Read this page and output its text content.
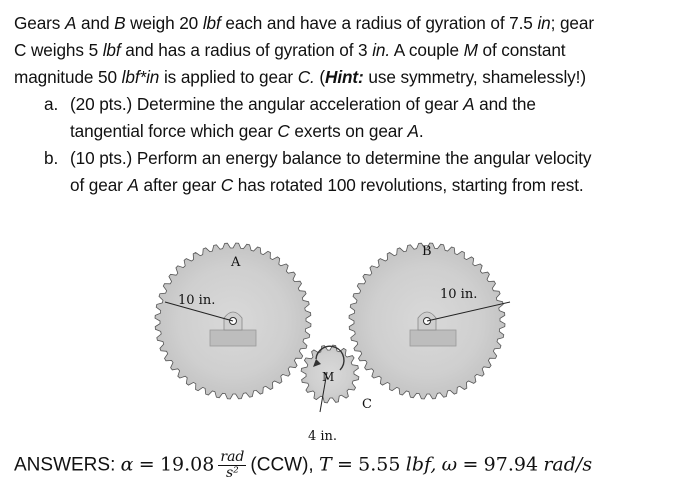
Gears A and B weigh 20 lbf each and have a radius of gyration of 7.5 in; gear

C weighs 5 lbf and has a radius of gyration of 3 in. A couple M of constant

magnitude 50 lbf*in is applied to gear C. (Hint: use symmetry, shamelessly!)

a. (20 pts.) Determine the angular acceleration of gear A and the

tangential force which gear C exerts on gear A.

b. (10 pts.) Perform an energy balance to determine the angular velocity

of gear A after gear C has rotated 100 revolutions, starting from rest.

A
B
C
M
10 in.	10 in.
4 in.
ANSWERS: $\alpha = 19.08 \frac{\text{rad}}{\text{s²}} (CCW)$, T = 5.55 lbf, ω = 97.94 rad/s
